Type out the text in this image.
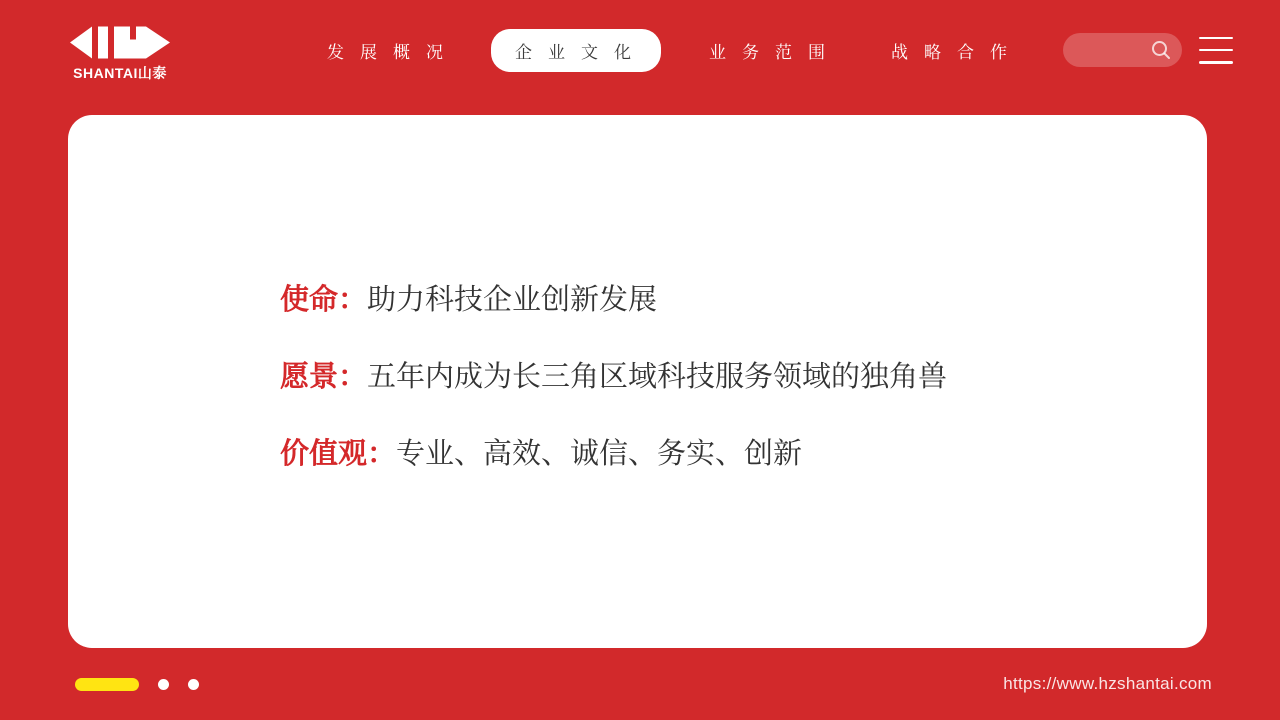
SHANTAI山泰
发展概况	企业文化	业务范围	战略合作

使命：助力科技企业创新发展

愿景：五年内成为长三角区域科技服务领域的独角兽

价值观：专业、高效、诚信、务实、创新

https://www.hzshantai.com
